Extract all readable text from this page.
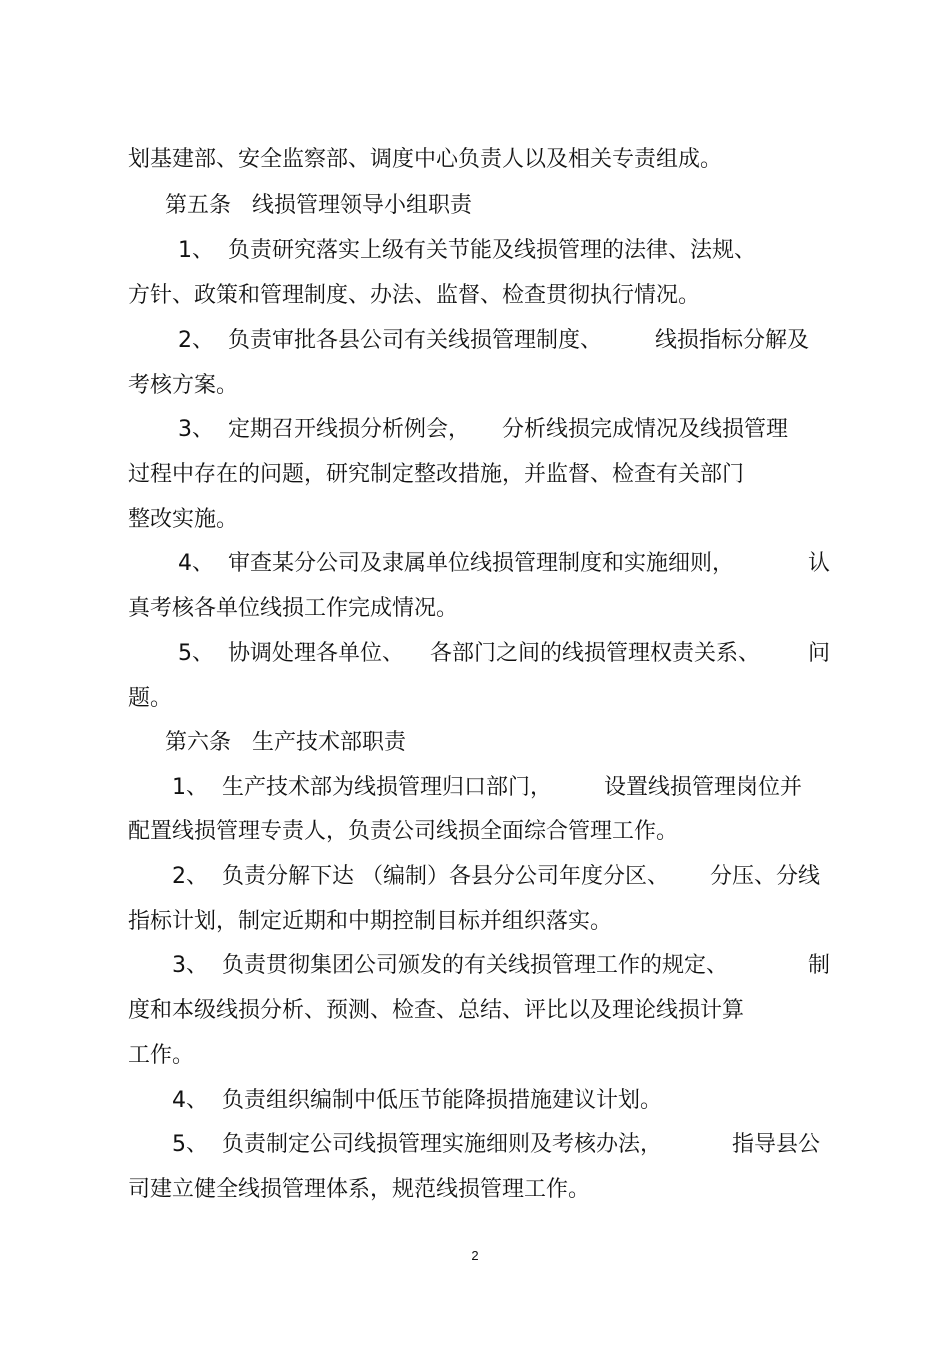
划基建部、安全监察部、调度中心负责人以及相关专责组成。
第五条   线损管理领导小组职责
1、  负责研究落实上级有关节能及线损管理的法律、法规、
方针、政策和管理制度、办法、监督、检查贯彻执行情况。
2、  负责审批各县公司有关线损管理制度、 线损指标分解及
考核方案。
3、  定期召开线损分析例会， 分析线损完成情况及线损管理
过程中存在的问题，研究制定整改措施，并监督、检查有关部门
整改实施。
4、  审查某分公司及隶属单位线损管理制度和实施细则，	认
真考核各单位线损工作完成情况。
5、  协调处理各单位、 各部门之间的线损管理权责关系、 问
题。
第六条   生产技术部职责
1、  生产技术部为线损管理归口部门， 设置线损管理岗位并
配置线损管理专责人，负责公司线损全面综合管理工作。
2、  负责分解下达 （编制）各县分公司年度分区、 分压、分线
指标计划，制定近期和中期控制目标并组织落实。
3、  负责贯彻集团公司颁发的有关线损管理工作的规定、	制
度和本级线损分析、预测、检查、总结、评比以及理论线损计算
工作。
4、  负责组织编制中低压节能降损措施建议计划。
5、  负责制定公司线损管理实施细则及考核办法，	指导县公
司建立健全线损管理体系，规范线损管理工作。
2
